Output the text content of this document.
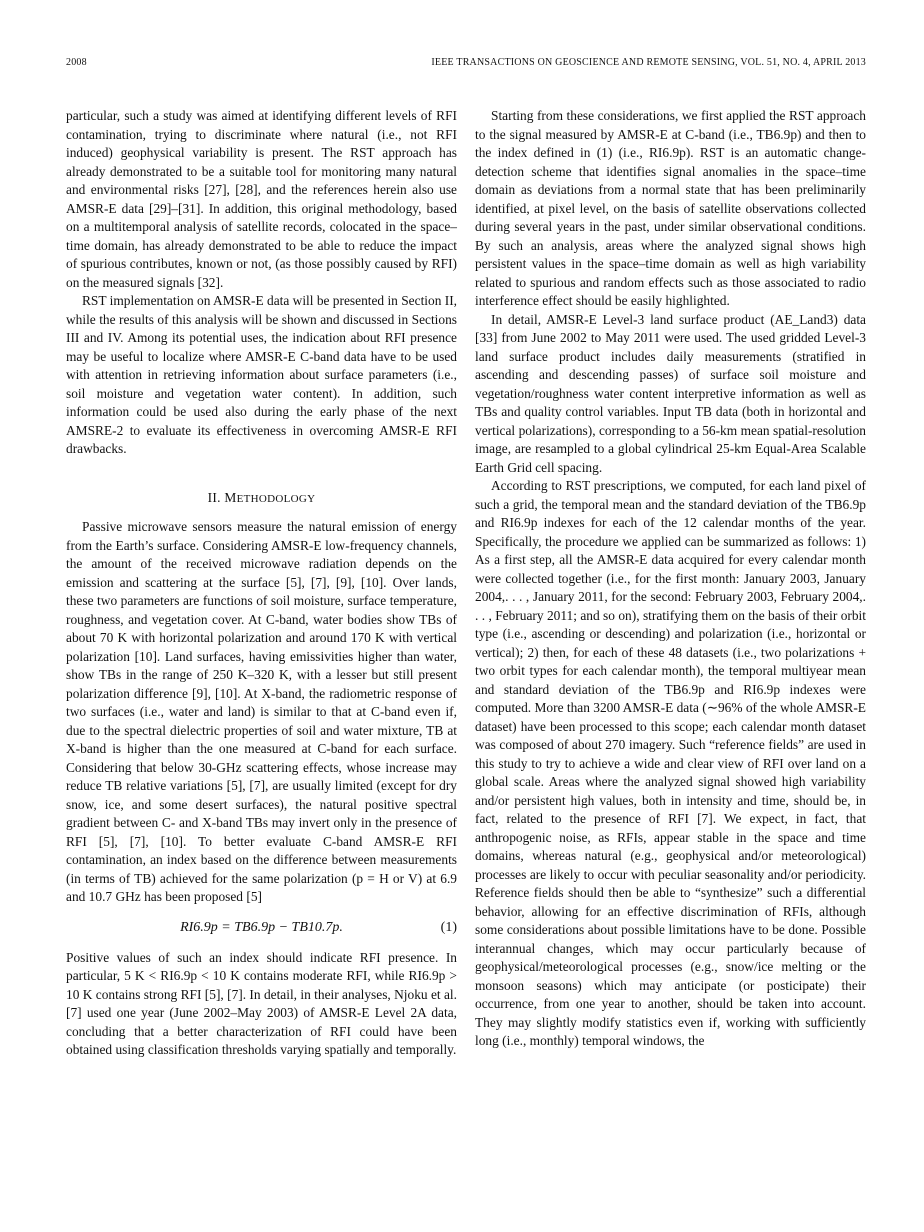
2008	IEEE TRANSACTIONS ON GEOSCIENCE AND REMOTE SENSING, VOL. 51, NO. 4, APRIL 2013

particular, such a study was aimed at identifying different levels of RFI contamination, trying to discriminate where natural (i.e., not RFI induced) geophysical variability is present. The RST approach has already demonstrated to be a suitable tool for monitoring many natural and environmental risks [27], [28], and the references herein also use AMSR-E data [29]–[31]. In addition, this original methodology, based on a multitemporal analysis of satellite records, colocated in the space–time domain, has already demonstrated to be able to reduce the impact of spurious contributes, known or not, (as those possibly caused by RFI) on the measured signals [32].

RST implementation on AMSR-E data will be presented in Section II, while the results of this analysis will be shown and discussed in Sections III and IV. Among its potential uses, the indication about RFI presence may be useful to localize where AMSR-E C-band data have to be used with attention in retrieving information about surface parameters (i.e., soil moisture and vegetation water content). In addition, such information could be used also during the early phase of the next AMSRE-2 to evaluate its effectiveness in overcoming AMSR-E RFI drawbacks.

II. METHODOLOGY

Passive microwave sensors measure the natural emission of energy from the Earth’s surface. Considering AMSR-E low-frequency channels, the amount of the received microwave radiation depends on the emission and scattering at the surface [5], [7], [9], [10]. Over lands, these two parameters are functions of soil moisture, surface temperature, roughness, and vegetation cover. At C-band, water bodies show TBs of about 70 K with horizontal polarization and around 170 K with vertical polarization [10]. Land surfaces, having emissivities higher than water, show TBs in the range of 250 K–320 K, with a lesser but still present polarization difference [9], [10]. At X-band, the radiometric response of two surfaces (i.e., water and land) is similar to that at C-band even if, due to the spectral dielectric properties of soil and water mixture, TB at X-band is higher than the one measured at C-band for each surface. Considering that below 30-GHz scattering effects, whose increase may reduce TB relative variations [5], [7], are usually limited (except for dry snow, ice, and some desert surfaces), the natural positive spectral gradient between C- and X-band TBs may invert only in the presence of RFI [5], [7], [10]. To better evaluate C-band AMSR-E RFI contamination, an index based on the difference between measurements (in terms of TB) achieved for the same polarization (p = H or V) at 6.9 and 10.7 GHz has been proposed [5]

RI6.9p = TB6.9p − TB10.7p.	(1)

Positive values of such an index should indicate RFI presence. In particular, 5 K < RI6.9p < 10 K contains moderate RFI, while RI6.9p > 10 K contains strong RFI [5], [7]. In detail, in their analyses, Njoku et al. [7] used one year (June 2002–May 2003) of AMSR-E Level 2A data, concluding that a better characterization of RFI could have been obtained using classification thresholds varying spatially and temporally.

Starting from these considerations, we first applied the RST approach to the signal measured by AMSR-E at C-band (i.e., TB6.9p) and then to the index defined in (1) (i.e., RI6.9p). RST is an automatic change-detection scheme that identifies signal anomalies in the space–time domain as deviations from a normal state that has been preliminarily identified, at pixel level, on the basis of satellite observations collected during several years in the past, under similar observational conditions. By such an analysis, areas where the analyzed signal shows high persistent values in the space–time domain as well as high variability related to spurious and random effects such as those associated to radio interference effect should be easily highlighted.

In detail, AMSR-E Level-3 land surface product (AE_Land3) data [33] from June 2002 to May 2011 were used. The used gridded Level-3 land surface product includes daily measurements (stratified in ascending and descending passes) of surface soil moisture and vegetation/roughness water content interpretive information as well as TBs and quality control variables. Input TB data (both in horizontal and vertical polarizations), corresponding to a 56-km mean spatial-resolution image, are resampled to a global cylindrical 25-km Equal-Area Scalable Earth Grid cell spacing.

According to RST prescriptions, we computed, for each land pixel of such a grid, the temporal mean and the standard deviation of the TB6.9p and RI6.9p indexes for each of the 12 calendar months of the year. Specifically, the procedure we applied can be summarized as follows: 1) As a first step, all the AMSR-E data acquired for every calendar month were collected together (i.e., for the first month: January 2003, January 2004,. . . , January 2011, for the second: February 2003, February 2004,. . . , February 2011; and so on), stratifying them on the basis of their orbit type (i.e., ascending or descending) and polarization (i.e., horizontal or vertical); 2) then, for each of these 48 datasets (i.e., two polarizations + two orbit types for each calendar month), the temporal multiyear mean and standard deviation of the TB6.9p and RI6.9p indexes were computed. More than 3200 AMSR-E data (∼96% of the whole AMSR-E dataset) have been processed to this scope; each calendar month dataset was composed of about 270 imagery. Such “reference fields” are used in this study to try to achieve a wide and clear view of RFI over land on a global scale. Areas where the analyzed signal showed high variability and/or persistent high values, both in intensity and time, should be, in fact, related to the presence of RFI [7]. We expect, in fact, that anthropogenic noise, as RFIs, appear stable in the space and time domains, whereas natural (e.g., geophysical and/or meteorological) processes are likely to occur with peculiar seasonality and/or periodicity. Reference fields should then be able to “synthesize” such a differential behavior, allowing for an effective discrimination of RFIs, although some considerations about possible limitations have to be done. Possible interannual changes, which may occur particularly because of geophysical/meteorological processes (e.g., snow/ice melting or the monsoon seasons) which may anticipate (or posticipate) their occurrence, from one year to another, should be taken into account. They may slightly modify statistics even if, working with sufficiently long (i.e., monthly) temporal windows, the
